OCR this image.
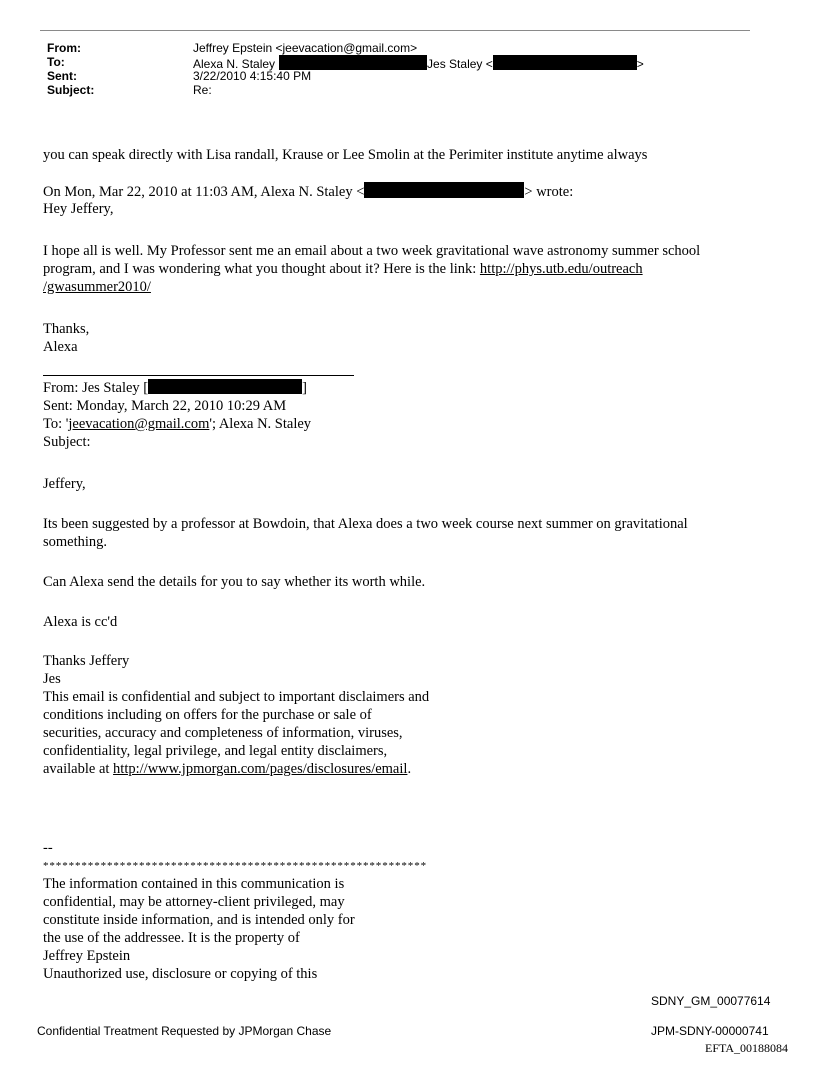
From:	Jeffrey Epstein <jeevacation@gmail.com>
To:	Alexa N. Staley	Jes Staley <	>
Sent:	3/22/2010 4:15:40 PM
Subject:	Re:
you can speak directly with Lisa randall, Krause or Lee Smolin at the Perimiter institute anytime always
On Mon, Mar 22, 2010 at 11:03 AM, Alexa N. Staley <	> wrote:
Hey Jeffery,
I hope all is well. My Professor sent me an email about a two week gravitational wave astronomy summer school
program, and I was wondering what you thought about it? Here is the link: http://phys.utb.edu/outreach
/gwasummer2010/
Thanks,
Alexa
From: Jes Staley [	]
Sent: Monday, March 22, 2010 10:29 AM
To: 'jeevacation@gmail.com'; Alexa N. Staley
Subject:
Jeffery,
Its been suggested by a professor at Bowdoin, that Alexa does a two week course next summer on gravitational
something.
Can Alexa send the details for you to say whether its worth while.
Alexa is cc'd
Thanks Jeffery
Jes
This email is confidential and subject to important disclaimers and
conditions including on offers for the purchase or sale of
securities, accuracy and completeness of information, viruses,
confidentiality, legal privilege, and legal entity disclaimers,
available at http://www.jpmorgan.com/pages/disclosures/email.
--
************************************************************
The information contained in this communication is
confidential, may be attorney-client privileged, may
constitute inside information, and is intended only for
the use of the addressee. It is the property of
Jeffrey Epstein
Unauthorized use, disclosure or copying of this
SDNY_GM_00077614
Confidential Treatment Requested by JPMorgan Chase	JPM-SDNY-00000741
EFTA_00188084
